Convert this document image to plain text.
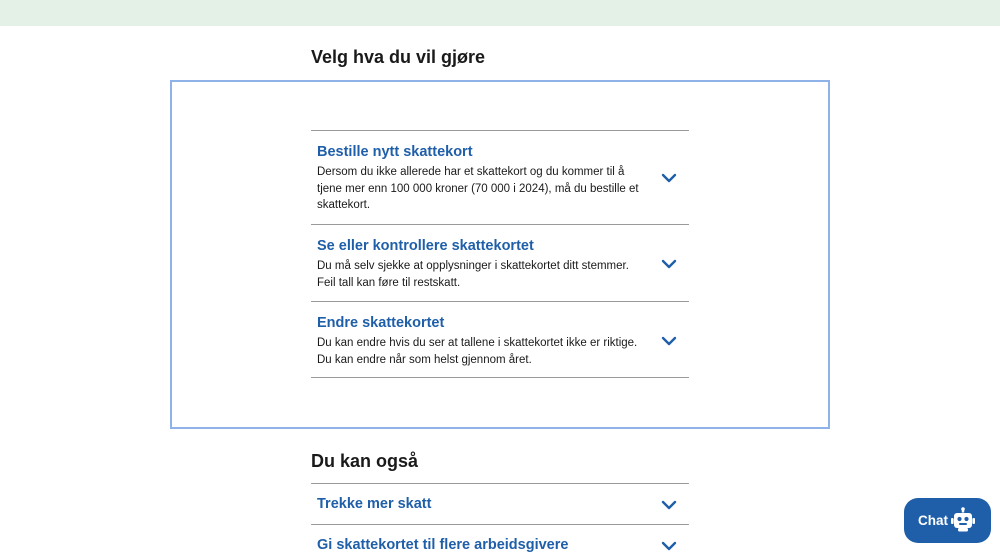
Velg hva du vil gjøre
Bestille nytt skattekort

Dersom du ikke allerede har et skattekort og du kommer til å tjene mer enn 100 000 kroner (70 000 i 2024), må du bestille et skattekort.

Se eller kontrollere skattekortet

Du må selv sjekke at opplysninger i skattekortet ditt stemmer. Feil tall kan føre til restskatt.

Endre skattekortet

Du kan endre hvis du ser at tallene i skattekortet ikke er riktige. Du kan endre når som helst gjennom året.

Du kan også
Trekke mer skatt
Gi skattekortet til flere arbeidsgivere
Chat
